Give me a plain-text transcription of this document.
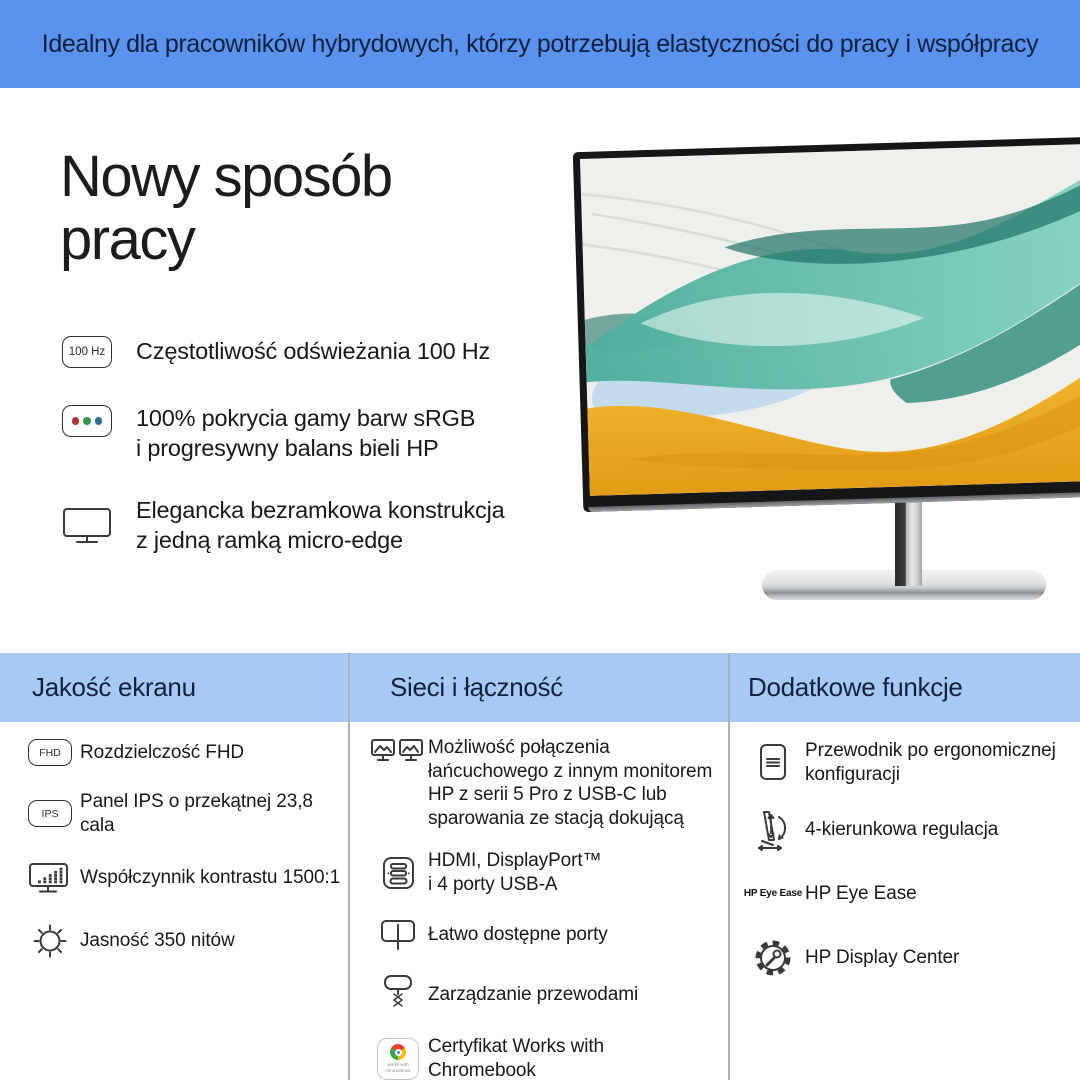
Idealny dla pracowników hybrydowych, którzy potrzebują elastyczności do pracy i współpracy
Nowy sposób
pracy
100 Hz Częstotliwość odświeżania 100 Hz
100% pokrycia gamy barw sRGB
i progresywny balans bieli HP
Elegancka bezramkowa konstrukcja
z jedną ramką micro-edge
Jakość ekranu
FHD	Rozdzielczość FHD
IPS
Panel IPS o przekątnej 23,8 cala
Współczynnik kontrastu 1500:1
Jasność 350 nitów
Sieci i łączność
Możliwość połączenia
łańcuchowego z innym monitorem
HP z serii 5 Pro z USB-C lub
sparowania ze stacją dokującą
HDMI, DisplayPort™
i 4 porty USB-A
Łatwo dostępne porty
Zarządzanie przewodami
works with
chromebook
Certyfikat Works with
Chromebook
Dodatkowe funkcje
Przewodnik po ergonomicznej
konfiguracji
4-kierunkowa regulacja
HP Eye Ease HP Eye Ease
HP Display Center
